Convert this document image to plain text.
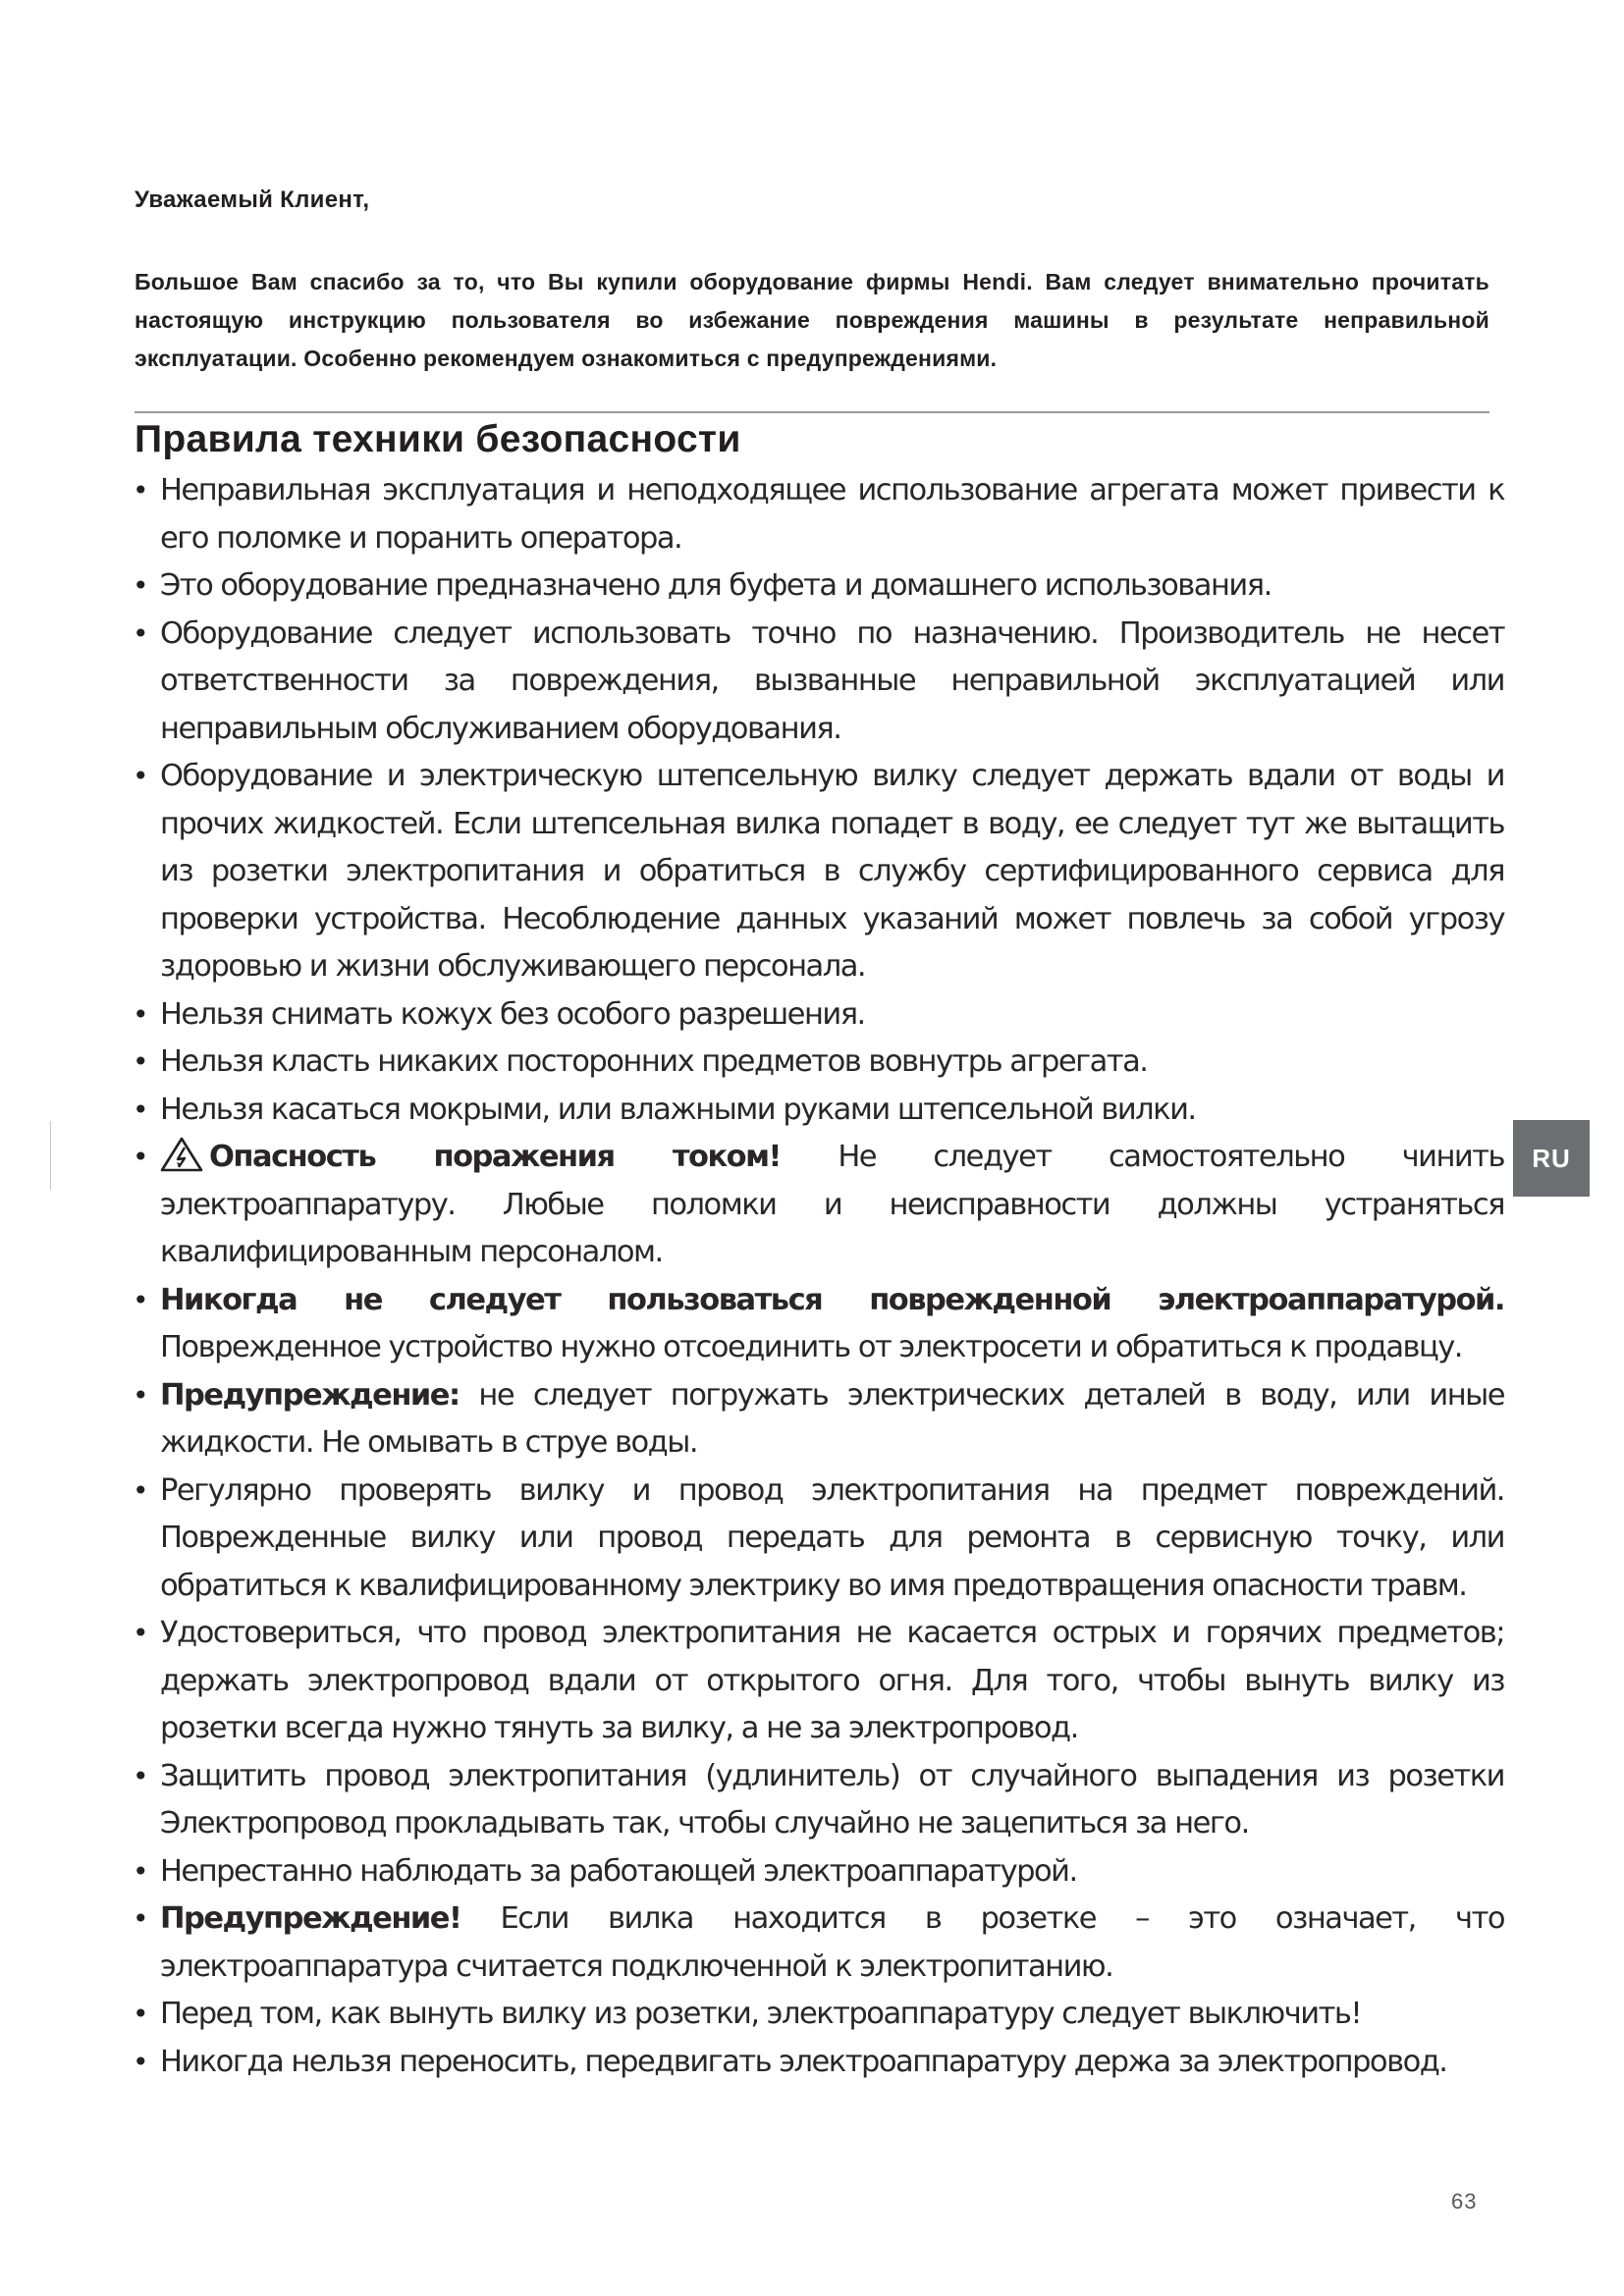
Уважаемый Клиент,
Большое Вам спасибо за то, что Вы купили оборудование фирмы Hendi. Вам следует внимательно прочитать настоящую инструкцию пользователя во избежание повреждения машины в результате неправильной эксплуатации. Особенно рекомендуем ознакомиться с предупреждениями.
Правила техники безопасности
• Неправильная эксплуатация и неподходящее использование агрегата может привести к его поломке и поранить оператора.
• Это оборудование предназначено для буфета и домашнего использования.
• Оборудование следует использовать точно по назначению. Производитель не несет ответственности за повреждения, вызванные неправильной эксплуатацией или неправильным обслуживанием оборудования.
• Оборудование и электрическую штепсельную вилку следует держать вдали от воды и прочих жидкостей. Если штепсельная вилка попадет в воду, ее следует тут же вытащить из розетки электропитания и обратиться в службу сертифицированного сервиса для проверки устройства. Несоблюдение данных указаний может повлечь за собой угрозу здоровью и жизни обслуживающего персонала.
• Нельзя снимать кожух без особого разрешения.
• Нельзя класть никаких посторонних предметов вовнутрь агрегата.
• Нельзя касаться мокрыми, или влажными руками штепсельной вилки.
• Опасность поражения током! Не следует самостоятельно чинить электроаппаратуру. Любые поломки и неисправности должны устраняться квалифицированным персоналом.
• Никогда не следует пользоваться поврежденной электроаппаратурой. Поврежденное устройство нужно отсоединить от электросети и обратиться к продавцу.
• Предупреждение: не следует погружать электрических деталей в воду, или иные жидкости. Не омывать в струе воды.
• Регулярно проверять вилку и провод электропитания на предмет повреждений. Поврежденные вилку или провод передать для ремонта в сервисную точку, или обратиться к квалифицированному электрику во имя предотвращения опасности травм.
• Удостовериться, что провод электропитания не касается острых и горячих предметов; держать электропровод вдали от открытого огня. Для того, чтобы вынуть вилку из розетки всегда нужно тянуть за вилку, а не за электропровод.
• Защитить провод электропитания (удлинитель) от случайного выпадения из розетки Электропровод прокладывать так, чтобы случайно не зацепиться за него.
• Непрестанно наблюдать за работающей электроаппаратурой.
• Предупреждение! Если вилка находится в розетке – это означает, что электроаппаратура считается подключенной к электропитанию.
• Перед том, как вынуть вилку из розетки, электроаппаратуру следует выключить!
• Никогда нельзя переносить, передвигать электроаппаратуру держа за электропровод.
RU
63
